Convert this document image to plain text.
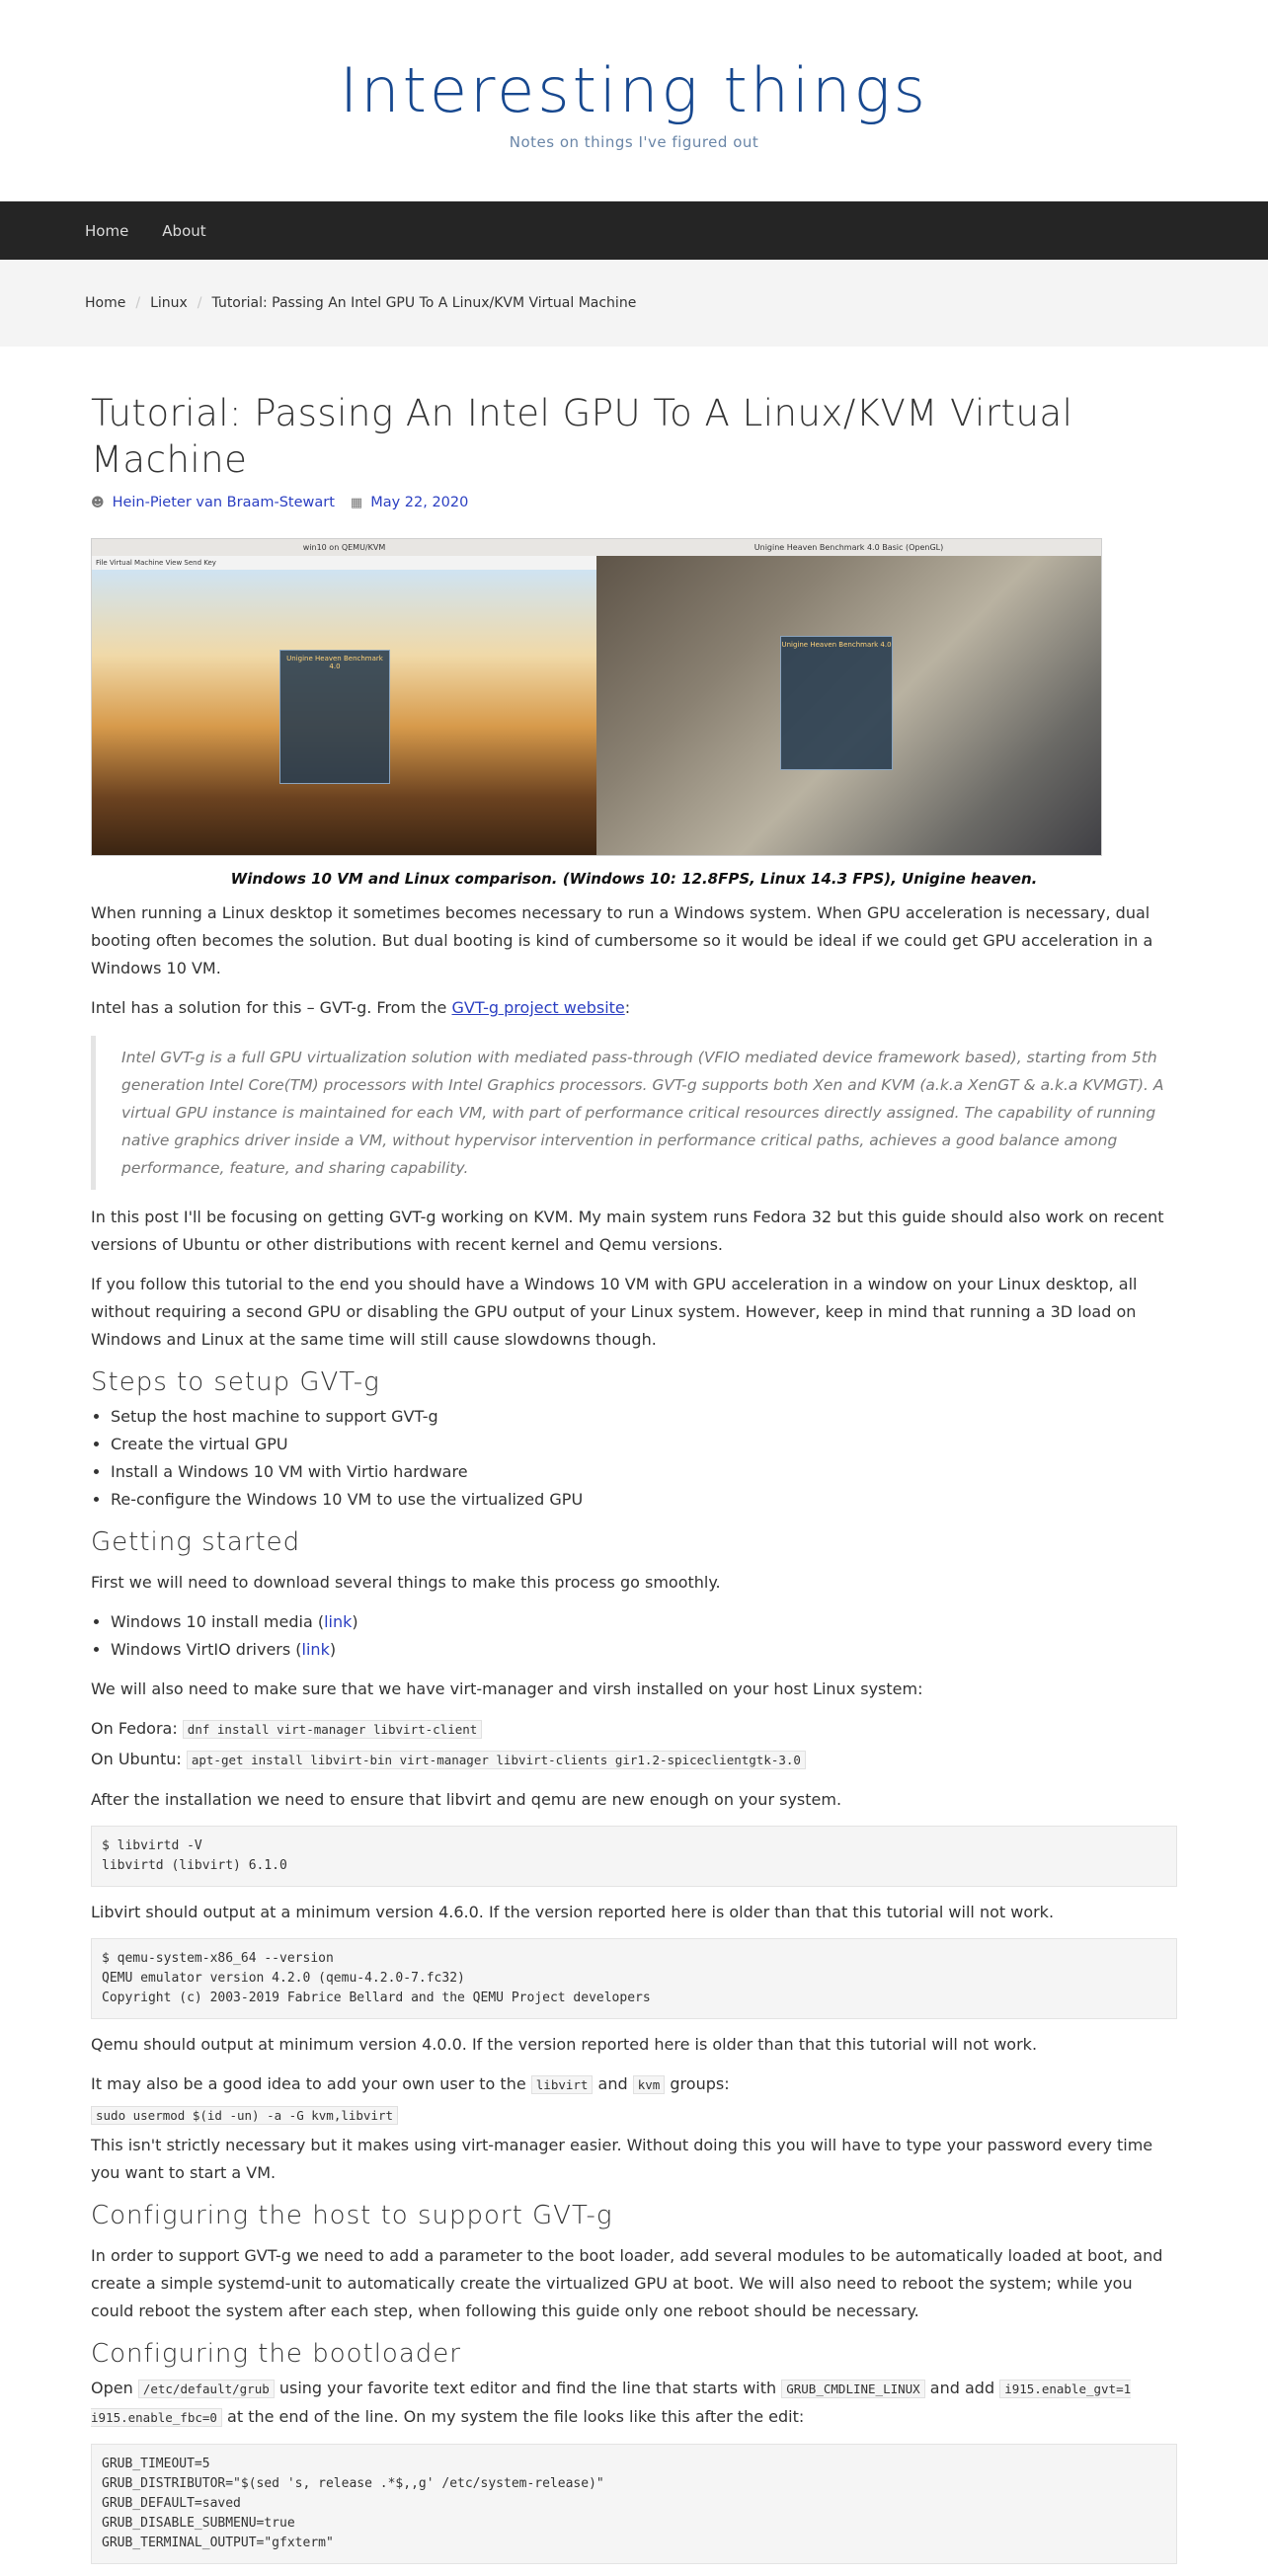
Interesting things
Notes on things I've figured out
Home About
Home / Linux / Tutorial: Passing An Intel GPU To A Linux/KVM Virtual Machine
Tutorial: Passing An Intel GPU To A Linux/KVM Virtual Machine
☻ Hein-Pieter van Braam-Stewart ▦ May 22, 2020
win10 on QEMU/KVM
File Virtual Machine View Send Key
Unigine Heaven Benchmark 4.0
Unigine Heaven Benchmark 4.0 Basic (OpenGL)
Unigine Heaven Benchmark 4.0
Windows 10 VM and Linux comparison. (Windows 10: 12.8FPS, Linux 14.3 FPS), Unigine heaven.

When running a Linux desktop it sometimes becomes necessary to run a Windows system. When GPU acceleration is necessary, dual booting often becomes the solution. But dual booting is kind of cumbersome so it would be ideal if we could get GPU acceleration in a Windows 10 VM.

Intel has a solution for this – GVT-g. From the GVT-g project website:

Intel GVT-g is a full GPU virtualization solution with mediated pass-through (VFIO mediated device framework based), starting from 5th generation Intel Core(TM) processors with Intel Graphics processors. GVT-g supports both Xen and KVM (a.k.a XenGT & a.k.a KVMGT). A virtual GPU instance is maintained for each VM, with part of performance critical resources directly assigned. The capability of running native graphics driver inside a VM, without hypervisor intervention in performance critical paths, achieves a good balance among performance, feature, and sharing capability.

In this post I'll be focusing on getting GVT-g working on KVM. My main system runs Fedora 32 but this guide should also work on recent versions of Ubuntu or other distributions with recent kernel and Qemu versions.

If you follow this tutorial to the end you should have a Windows 10 VM with GPU acceleration in a window on your Linux desktop, all without requiring a second GPU or disabling the GPU output of your Linux system. However, keep in mind that running a 3D load on Windows and Linux at the same time will still cause slowdowns though.

Steps to setup GVT-g
• Setup the host machine to support GVT-g
• Create the virtual GPU
• Install a Windows 10 VM with Virtio hardware
• Re-configure the Windows 10 VM to use the virtualized GPU
Getting started

First we will need to download several things to make this process go smoothly.

• Windows 10 install media (link)
• Windows VirtIO drivers (link)

We will also need to make sure that we have virt-manager and virsh installed on your host Linux system:

On Fedora: dnf install virt-manager libvirt-client
On Ubuntu: apt-get install libvirt-bin virt-manager libvirt-clients gir1.2-spiceclientgtk-3.0

After the installation we need to ensure that libvirt and qemu are new enough on your system.

$ libvirtd -V
libvirtd (libvirt) 6.1.0

Libvirt should output at a minimum version 4.6.0. If the version reported here is older than that this tutorial will not work.

$ qemu-system-x86_64 --version
QEMU emulator version 4.2.0 (qemu-4.2.0-7.fc32)
Copyright (c) 2003-2019 Fabrice Bellard and the QEMU Project developers

Qemu should output at minimum version 4.0.0. If the version reported here is older than that this tutorial will not work.

It may also be a good idea to add your own user to the libvirt and kvm groups:
sudo usermod $(id -un) -a -G kvm,libvirt
This isn't strictly necessary but it makes using virt-manager easier. Without doing this you will have to type your password every time you want to start a VM.
Configuring the host to support GVT-g

In order to support GVT-g we need to add a parameter to the boot loader, add several modules to be automatically loaded at boot, and create a simple systemd-unit to automatically create the virtualized GPU at boot. We will also need to reboot the system; while you could reboot the system after each step, when following this guide only one reboot should be necessary.

Configuring the bootloader
Open /etc/default/grub using your favorite text editor and find the line that starts with GRUB_CMDLINE_LINUX and add i915.enable_gvt=1 i915.enable_fbc=0 at the end of the line. On my system the file looks like this after the edit:
GRUB_TIMEOUT=5
GRUB_DISTRIBUTOR="$(sed 's, release .*$,,g' /etc/system-release)"
GRUB_DEFAULT=saved
GRUB_DISABLE_SUBMENU=true
GRUB_TERMINAL_OUTPUT="gfxterm"
